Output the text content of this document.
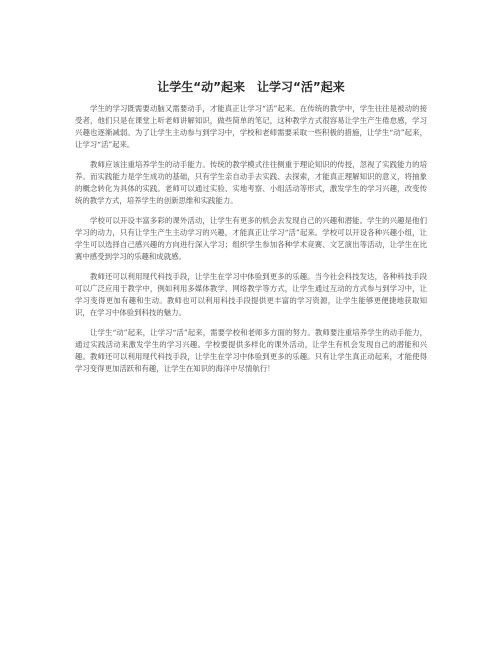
让学生“动”起来　让学习“活”起来

学生的学习既需要动脑又需要动手，才能真正让学习“活”起来。在传统的教学中，学生往往是被动的接受者，他们只是在课堂上听老师讲解知识，做些简单的笔记，这种教学方式很容易让学生产生倦怠感，学习兴趣也逐渐减弱。为了让学生主动参与到学习中，学校和老师需要采取一些积极的措施，让学生“动”起来，让学习“活”起来。

教师应该注重培养学生的动手能力。传统的教学模式往往侧重于理论知识的传授，忽视了实践能力的培养。而实践能力是学生成功的基础，只有学生亲自动手去实践、去探索，才能真正理解知识的意义，将抽象的概念转化为具体的实践。老师可以通过实验、实地考察、小组活动等形式，激发学生的学习兴趣，改变传统的教学方式，培养学生的创新思维和实践能力。

学校可以开设丰富多彩的课外活动，让学生有更多的机会去发现自己的兴趣和潜能。学生的兴趣是他们学习的动力，只有让学生产生主动学习的兴趣，才能真正让学习“活”起来。学校可以开设各种兴趣小组，让学生可以选择自己感兴趣的方向进行深入学习；组织学生参加各种学术竞赛、文艺演出等活动，让学生在比赛中感受到学习的乐趣和成就感。

教师还可以利用现代科技手段，让学生在学习中体验到更多的乐趣。当今社会科技发达，各种科技手段可以广泛应用于教学中，例如利用多媒体教学、网络教学等方式，让学生通过互动的方式参与到学习中，让学习变得更加有趣和生动。教师也可以利用科技手段提供更丰富的学习资源，让学生能够更便捷地获取知识，在学习中体验到科技的魅力。

让学生“动”起来，让学习“活”起来，需要学校和老师多方面的努力。教师要注重培养学生的动手能力，通过实践活动来激发学生的学习兴趣。学校要提供多样化的课外活动，让学生有机会发现自己的潜能和兴趣。教师还可以利用现代科技手段，让学生在学习中体验到更多的乐趣。只有让学生真正动起来，才能使得学习变得更加活跃和有趣，让学生在知识的海洋中尽情航行！
